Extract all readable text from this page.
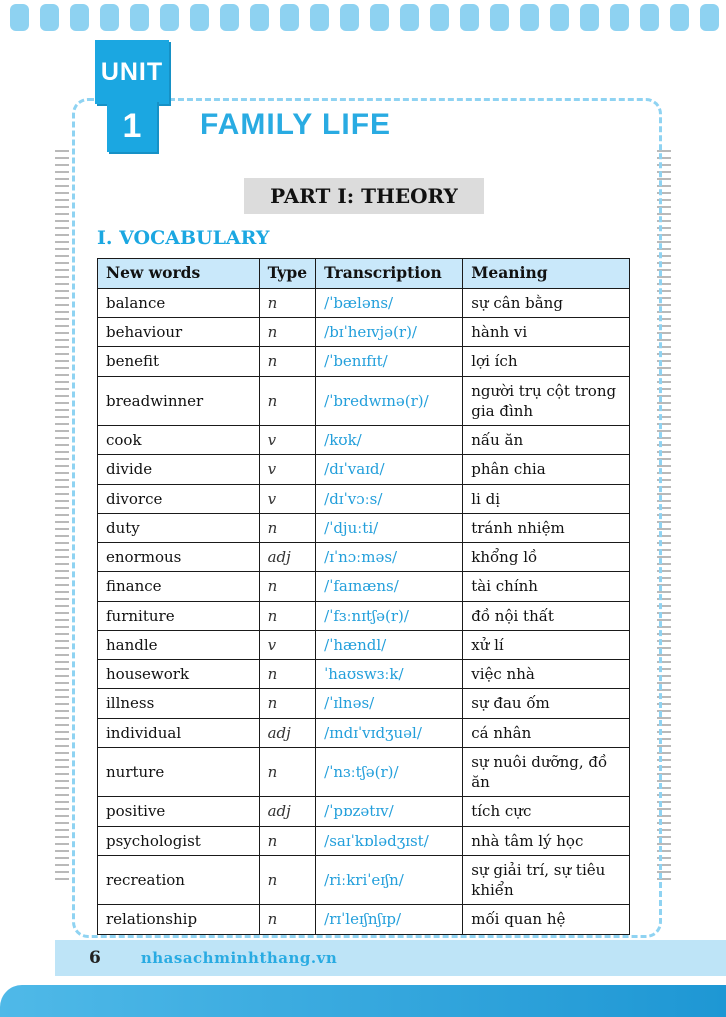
UNIT
1	FAMILY LIFE
PART I: THEORY
I. VOCABULARY
New words	Type	Transcription	Meaning
balance	n	/ˈbæləns/	sự cân bằng
behaviour	n	/bɪˈheɪvjə(r)/	hành vi
benefit	n	/ˈbenɪfɪt/	lợi ích
breadwinner	n	/ˈbredwɪnə(r)/	người trụ cột trong gia đình
cook	v	/kʊk/	nấu ăn
divide	v	/dɪˈvaɪd/	phân chia
divorce	v	/dɪˈvɔːs/	li dị
duty	n	/ˈdjuːti/	tránh nhiệm
enormous	adj	/ɪˈnɔːməs/	khổng lồ
finance	n	/ˈfaɪnæns/	tài chính
furniture	n	/ˈfɜːnɪtʃə(r)/	đồ nội thất
handle	v	/ˈhændl/	xử lí
housework	n	ˈhaʊswɜːk/	việc nhà
illness	n	/ˈɪlnəs/	sự đau ốm
individual	adj	/ɪndɪˈvɪdʒuəl/	cá nhân
nurture	n	/ˈnɜːtʃə(r)/	sự nuôi dưỡng, đồ ăn
positive	adj	/ˈpɒzətɪv/	tích cực
psychologist	n	/saɪˈkɒlədʒɪst/	nhà tâm lý học
recreation	n	/riːkriˈeɪʃn/	sự giải trí, sự tiêu khiển
relationship	n	/rɪˈleɪʃnʃɪp/	mối quan hệ
6	nhasachminhthang.vn
